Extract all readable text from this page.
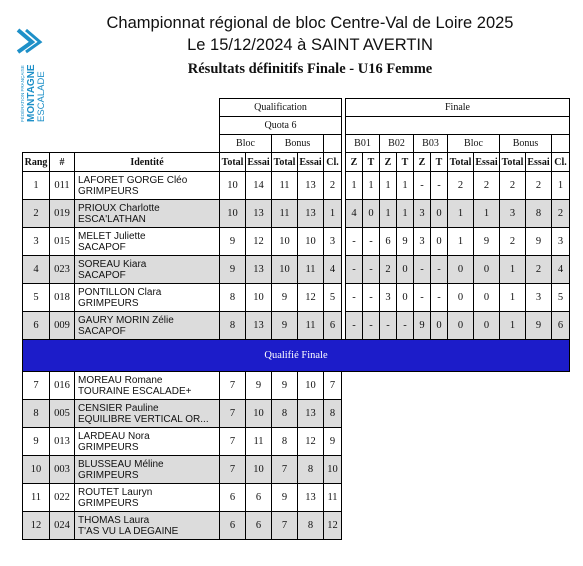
FÉDÉRATION FRANÇAISE MONTAGNE ESCALADE
Championnat régional de bloc Centre-Val de Loire 2025
Le 15/12/2024 à SAINT AVERTIN
Résultats définitifs Finale - U16 Femme
			Qualification						Finale										
			Quota 6																
			Bloc		Bonus				B01		B02		B03		Bloc		Bonus		
Rang	#	Identité	Total	Essai	Total	Essai	Cl.		Z	T	Z	T	Z	T	Total	Essai	Total	Essai	Cl.
1	011	LAFORET GORGE Cléo
GRIMPEURS	10	14	11	13	2		1	1	1	1	-	-	2	2	2	2	1
2	019	PRIOUX Charlotte
ESCA'LATHAN	10	13	11	13	1		4	0	1	1	3	0	1	1	3	8	2
3	015	MELET Juliette
SACAPOF	9	12	10	10	3		-	-	6	9	3	0	1	9	2	9	3
4	023	SOREAU Kiara
SACAPOF	9	13	10	11	4		-	-	2	0	-	-	0	0	1	2	4
5	018	PONTILLON Clara
GRIMPEURS	8	10	9	12	5		-	-	3	0	-	-	0	0	1	3	5
6	009	GAURY MORIN Zélie
SACAPOF	8	13	9	11	6		-	-	-	-	9	0	0	0	1	9	6
Qualifié Finale																			
7	016	MOREAU Romane
TOURAINE ESCALADE+	7	9	9	10	7												
8	005	CENSIER Pauline
EQUILIBRE VERTICAL OR...	7	10	8	13	8												
9	013	LARDEAU Nora
GRIMPEURS	7	11	8	12	9												
10	003	BLUSSEAU Méline
GRIMPEURS	7	10	7	8	10												
11	022	ROUTET Lauryn
GRIMPEURS	6	6	9	13	11												
12	024	THOMAS Laura
T'AS VU LA DEGAINE	6	6	7	8	12												
